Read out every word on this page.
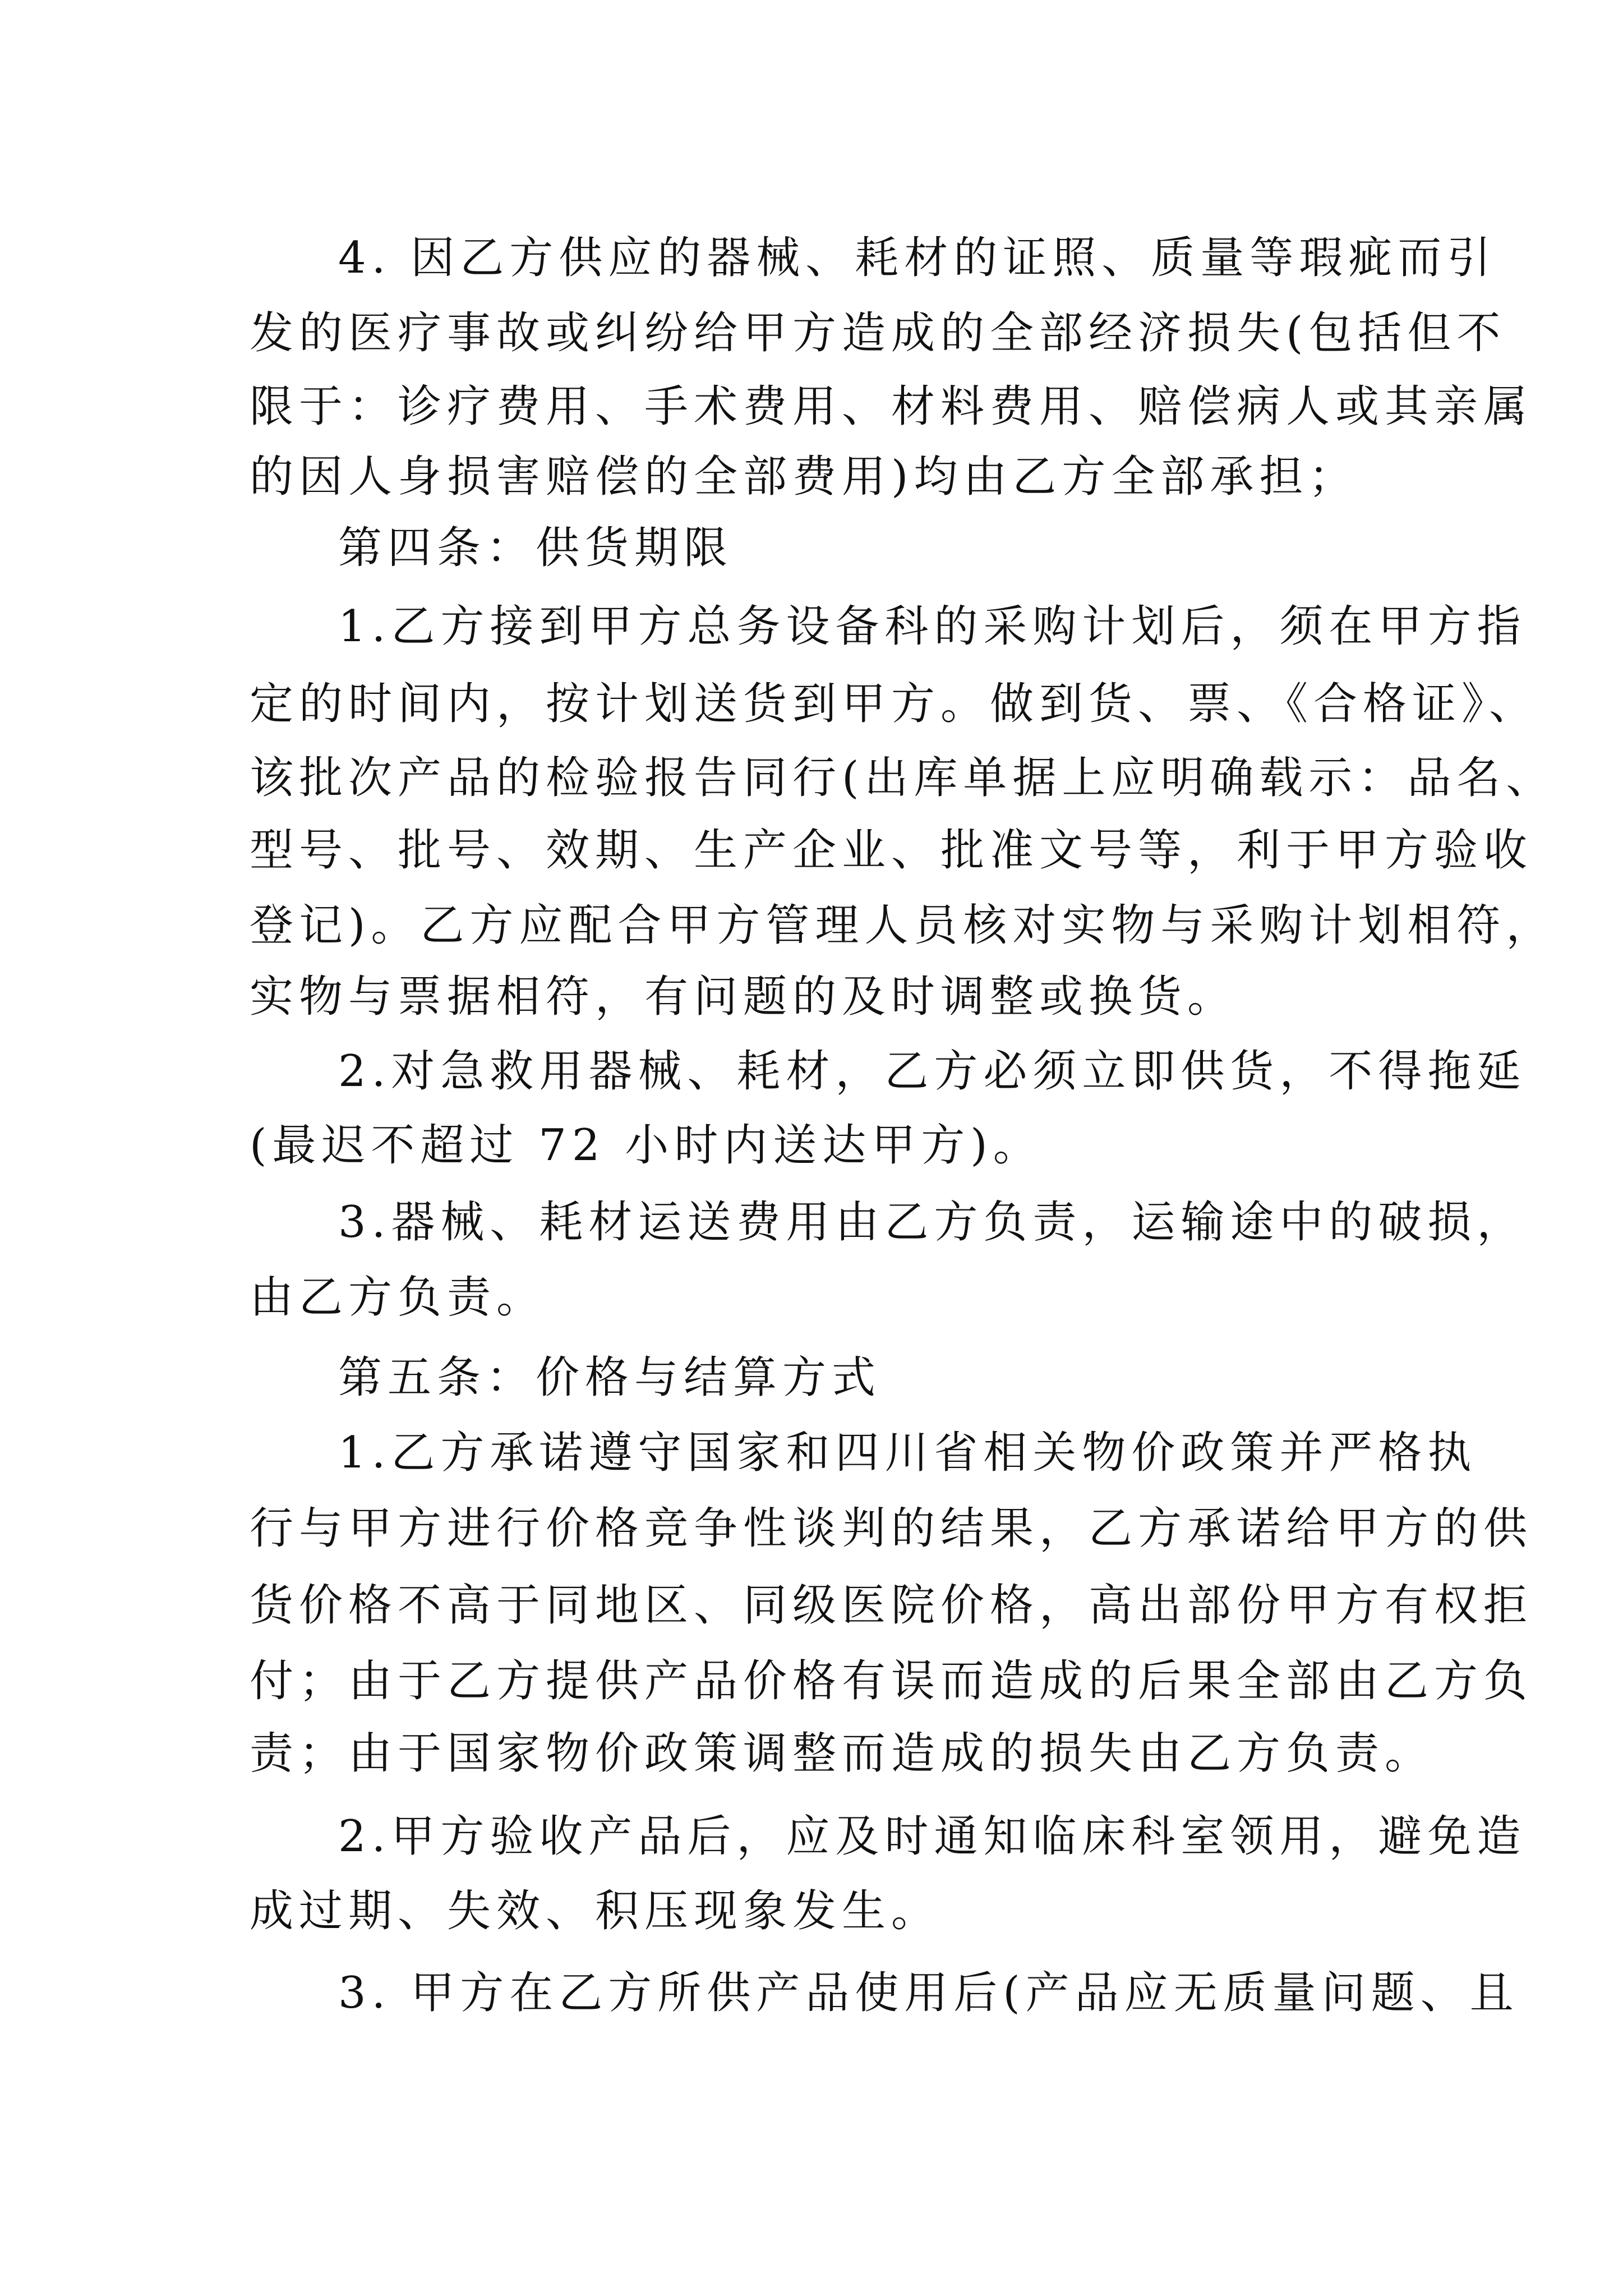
4. 因乙方供应的器械、耗材的证照、质量等瑕疵而引
发的医疗事故或纠纷给甲方造成的全部经济损失(包括但不
限于：诊疗费用、手术费用、材料费用、赔偿病人或其亲属
的因人身损害赔偿的全部费用)均由乙方全部承担；
第四条：供货期限
1.乙方接到甲方总务设备科的采购计划后，须在甲方指
定的时间内，按计划送货到甲方。做到货、票、《合格证》、
该批次产品的检验报告同行(出库单据上应明确载示：品名、
型号、批号、效期、生产企业、批准文号等，利于甲方验收
登记)。乙方应配合甲方管理人员核对实物与采购计划相符，
实物与票据相符，有问题的及时调整或换货。
2.对急救用器械、耗材，乙方必须立即供货，不得拖延
(最迟不超过 72 小时内送达甲方)。
3.器械、耗材运送费用由乙方负责，运输途中的破损，
由乙方负责。
第五条：价格与结算方式
1.乙方承诺遵守国家和四川省相关物价政策并严格执
行与甲方进行价格竞争性谈判的结果，乙方承诺给甲方的供
货价格不高于同地区、同级医院价格，高出部份甲方有权拒
付；由于乙方提供产品价格有误而造成的后果全部由乙方负
责；由于国家物价政策调整而造成的损失由乙方负责。
2.甲方验收产品后，应及时通知临床科室领用，避免造
成过期、失效、积压现象发生。
3. 甲方在乙方所供产品使用后(产品应无质量问题、且
